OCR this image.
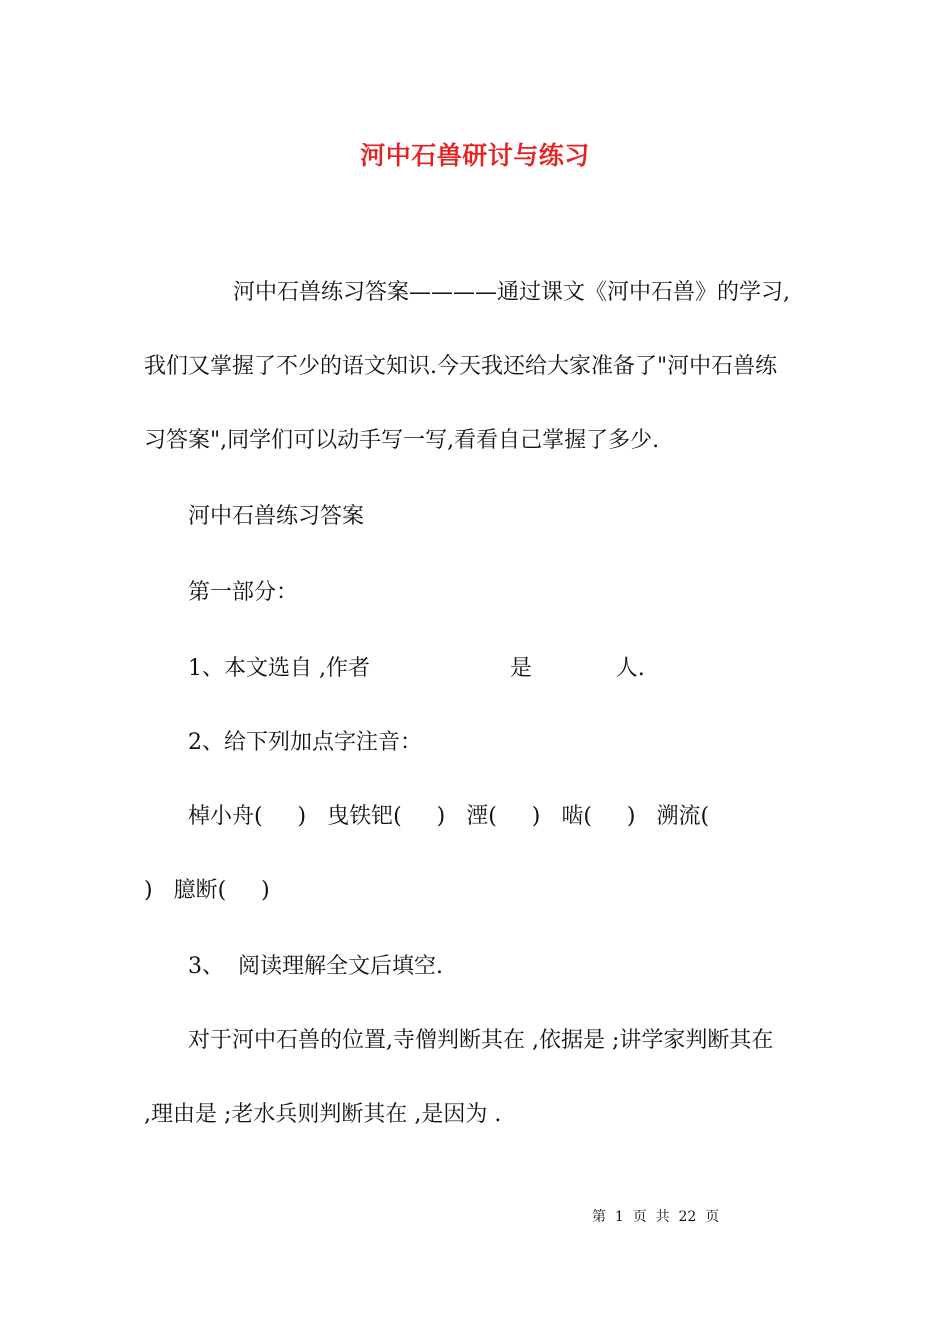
河中石兽研讨与练习
河中石兽练习答案————通过课文《河中石兽》的学习,
我们又掌握了不少的语文知识.今天我还给大家准备了"河中石兽练
习答案",同学们可以动手写一写,看看自己掌握了多少.
河中石兽练习答案
第一部分：
1、本文选自 ,作者                    是            人.
2、给下列加点字注音：
棹小舟(     )   曳铁钯(     )   湮(     )   啮(     )   溯流(
)   臆断(     )
3、  阅读理解全文后填空.
对于河中石兽的位置,寺僧判断其在 ,依据是 ;讲学家判断其在
,理由是 ;老水兵则判断其在 ,是因为 .
第  1  页  共  22  页
